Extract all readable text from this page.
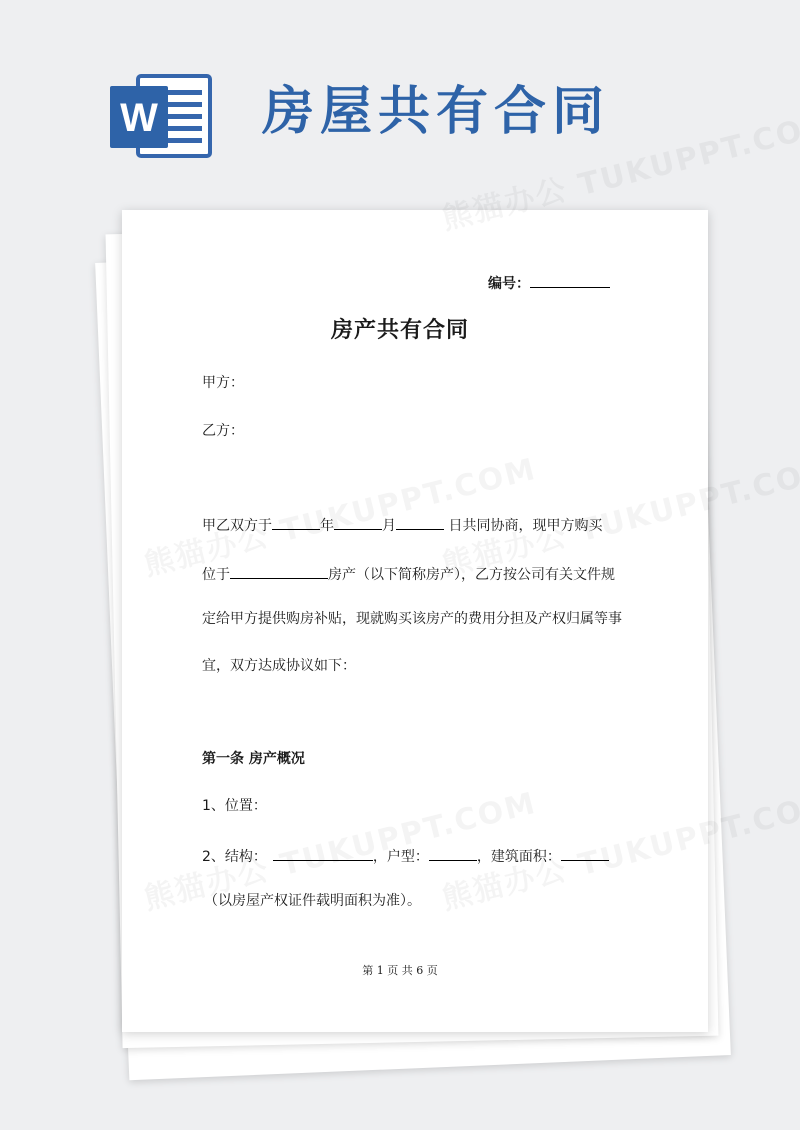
W 房屋共有合同
编号：
房产共有合同
甲方：
乙方：
甲乙双方于	年	月	日共同协商，现甲方购买
位于	房产（以下简称房产），乙方按公司有关文件规
定给甲方提供购房补贴，现就购买该房产的费用分担及产权归属等事
宜，双方达成协议如下：
第一条 房产概况
1、位置：
2、结构：	，户型：	，建筑面积：
（以房屋产权证件载明面积为准）。
第 1 页 共 6 页
